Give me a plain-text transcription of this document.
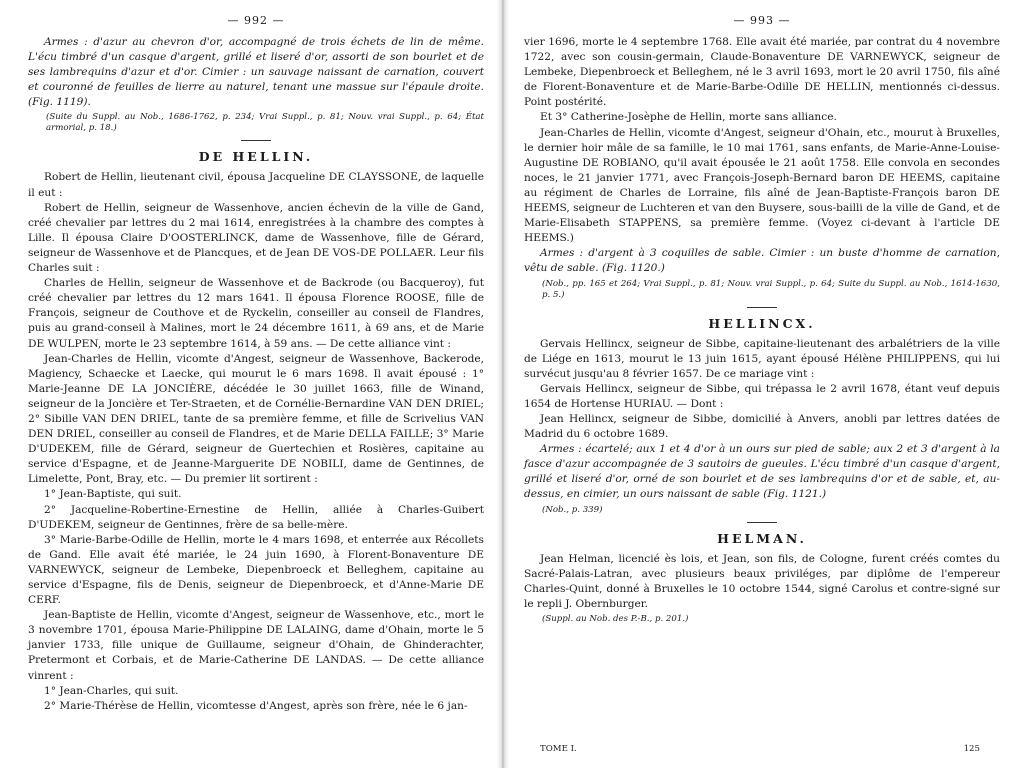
— 992 —

Armes : d'azur au chevron d'or, accompagné de trois échets de lin de même. L'écu timbré d'un casque d'argent, grillé et liseré d'or, assorti de son bourlet et de ses lambrequins d'azur et d'or. Cimier : un sauvage naissant de carnation, couvert et couronné de feuilles de lierre au naturel, tenant une massue sur l'épaule droite. (Fig. 1119).

(Suite du Suppl. au Nob., 1686-1762, p. 234; Vrai Suppl., p. 81; Nouv. vrai Suppl., p. 64; État armorial, p. 18.)

DE HELLIN.

Robert de Hellin, lieutenant civil, épousa Jacqueline DE CLAYSSONE, de laquelle il eut :

Robert de Hellin, seigneur de Wassenhove, ancien échevin de la ville de Gand, créé chevalier par lettres du 2 mai 1614, enregistrées à la chambre des comptes à Lille. Il épousa Claire D'OOSTERLINCK, dame de Wassenhove, fille de Gérard, seigneur de Wassenhove et de Plancques, et de Jean DE VOS-DE POLLAER. Leur fils Charles suit :

Charles de Hellin, seigneur de Wassenhove et de Backrode (ou Bacqueroy), fut créé chevalier par lettres du 12 mars 1641. Il épousa Florence ROOSE, fille de François, seigneur de Couthove et de Ryckelin, conseiller au conseil de Flandres, puis au grand-conseil à Malines, mort le 24 décembre 1611, à 69 ans, et de Marie DE WULPEN, morte le 23 septembre 1614, à 59 ans. — De cette alliance vint :

Jean-Charles de Hellin, vicomte d'Angest, seigneur de Wassenhove, Backerode, Magiency, Schaecke et Laecke, qui mourut le 6 mars 1698. Il avait épousé : 1° Marie-Jeanne DE LA JONCIÈRE, décédée le 30 juillet 1663, fille de Winand, seigneur de la Joncière et Ter-Straeten, et de Cornélie-Bernardine VAN DEN DRIEL; 2° Sibille VAN DEN DRIEL, tante de sa première femme, et fille de Scrivelius VAN DEN DRIEL, conseiller au conseil de Flandres, et de Marie DELLA FAILLE; 3° Marie D'UDEKEM, fille de Gérard, seigneur de Guertechien et Rosières, capitaine au service d'Espagne, et de Jeanne-Marguerite DE NOBILI, dame de Gentinnes, de Limelette, Pont, Bray, etc. — Du premier lit sortirent :

1° Jean-Baptiste, qui suit.

2° Jacqueline-Robertine-Ernestine de Hellin, alliée à Charles-Guibert D'UDEKEM, seigneur de Gentinnes, frère de sa belle-mère.

3° Marie-Barbe-Odille de Hellin, morte le 4 mars 1698, et enterrée aux Récollets de Gand. Elle avait été mariée, le 24 juin 1690, à Florent-Bonaventure DE VARNEWYCK, seigneur de Lembeke, Diepenbroeck et Belleghem, capitaine au service d'Espagne, fils de Denis, seigneur de Diepenbroeck, et d'Anne-Marie DE CERF.

Jean-Baptiste de Hellin, vicomte d'Angest, seigneur de Wassenhove, etc., mort le 3 novembre 1701, épousa Marie-Philippine DE LALAING, dame d'Ohain, morte le 5 janvier 1733, fille unique de Guillaume, seigneur d'Ohain, de Ghinderachter, Pretermont et Corbais, et de Marie-Catherine DE LANDAS. — De cette alliance vinrent :

1° Jean-Charles, qui suit.

2° Marie-Thérèse de Hellin, vicomtesse d'Angest, après son frère, née le 6 jan-

— 993 —

vier 1696, morte le 4 septembre 1768. Elle avait été mariée, par contrat du 4 novembre 1722, avec son cousin-germain, Claude-Bonaventure DE VARNEWYCK, seigneur de Lembeke, Diepenbroeck et Belleghem, né le 3 avril 1693, mort le 20 avril 1750, fils aîné de Florent-Bonaventure et de Marie-Barbe-Odille DE HELLIN, mentionnés ci-dessus. Point postérité.

Et 3° Catherine-Josèphe de Hellin, morte sans alliance.

Jean-Charles de Hellin, vicomte d'Angest, seigneur d'Ohain, etc., mourut à Bruxelles, le dernier hoir mâle de sa famille, le 10 mai 1761, sans enfants, de Marie-Anne-Louise-Augustine DE ROBIANO, qu'il avait épousée le 21 août 1758. Elle convola en secondes noces, le 21 janvier 1771, avec François-Joseph-Bernard baron DE HEEMS, capitaine au régiment de Charles de Lorraine, fils aîné de Jean-Baptiste-François baron DE HEEMS, seigneur de Luchteren et van den Buysere, sous-bailli de la ville de Gand, et de Marie-Elisabeth STAPPENS, sa première femme. (Voyez ci-devant à l'article DE HEEMS.)

Armes : d'argent à 3 coquilles de sable. Cimier : un buste d'homme de carnation, vêtu de sable. (Fig. 1120.)

(Nob., pp. 165 et 264; Vrai Suppl., p. 81; Nouv. vrai Suppl., p. 64; Suite du Suppl. au Nob., 1614-1630, p. 5.)

HELLINCX.

Gervais Hellincx, seigneur de Sibbe, capitaine-lieutenant des arbalétriers de la ville de Liége en 1613, mourut le 13 juin 1615, ayant épousé Hélène PHILIPPENS, qui lui survécut jusqu'au 8 février 1657. De ce mariage vint :

Gervais Hellincx, seigneur de Sibbe, qui trépassa le 2 avril 1678, étant veuf depuis 1654 de Hortense HURIAU. — Dont :

Jean Hellincx, seigneur de Sibbe, domicilié à Anvers, anobli par lettres datées de Madrid du 6 octobre 1689.

Armes : écartelé; aux 1 et 4 d'or à un ours sur pied de sable; aux 2 et 3 d'argent à la fasce d'azur accompagnée de 3 sautoirs de gueules. L'écu timbré d'un casque d'argent, grillé et liseré d'or, orné de son bourlet et de ses lambrequins d'or et de sable, et, au-dessus, en cimier, un ours naissant de sable (Fig. 1121.)

(Nob., p. 339)

HELMAN.

Jean Helman, licencié ès lois, et Jean, son fils, de Cologne, furent créés comtes du Sacré-Palais-Latran, avec plusieurs beaux priviléges, par diplôme de l'empereur Charles-Quint, donné à Bruxelles le 10 octobre 1544, signé Carolus et contre-signé sur le repli J. Obernburger.

(Suppl. au Nob. des P.-B., p. 201.)

TOME I.	125
